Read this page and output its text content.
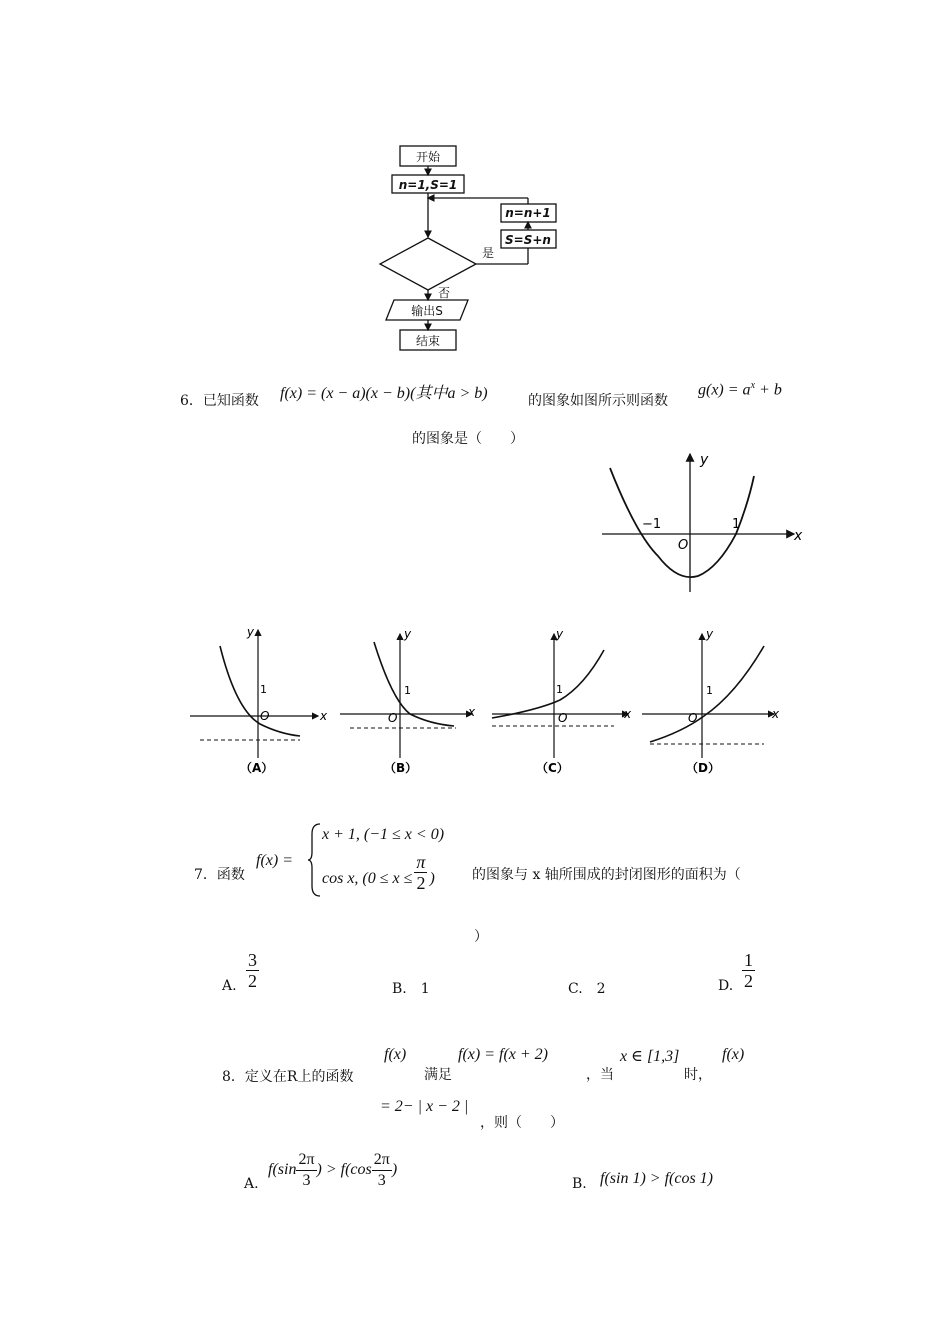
开始
n=1,S=1
n=n+1
S=S+n
是
否
输出S
结束
6．已知函数 f(x) = (x − a)(x − b)(其中a > b)	的图象如图所示则函数
$g(x) = a^x + b$
的图象是（　　）
x
y
O
−1	1
1
O	x
y
（A）
1
O	x
y
（B）
1
O	x
y
（C）
1
O	x
y
（D）
7．函数
f(x) =
x + 1, (−1 ≤ x < 0)
cos x, ($0 \le x \le \frac{\pi}{2}$ )	的图象与 x 轴所围成的封闭图形的面积为（
）
A. $\frac{3}{2}$	B.　1	C.　2	D. $\frac{1}{2}$
8．定义在R上的函数
f(x)
满足
f(x) = f(x + 2)
，当
x ∈ [1,3]
时，
f(x)
= 2− | x − 2 |
，则（　　）
A.
$f(\sin \frac{2\pi}{3}$ ) > $f(\cos \frac{2\pi}{3}$ )
B. f(sin 1) > f(cos 1)
